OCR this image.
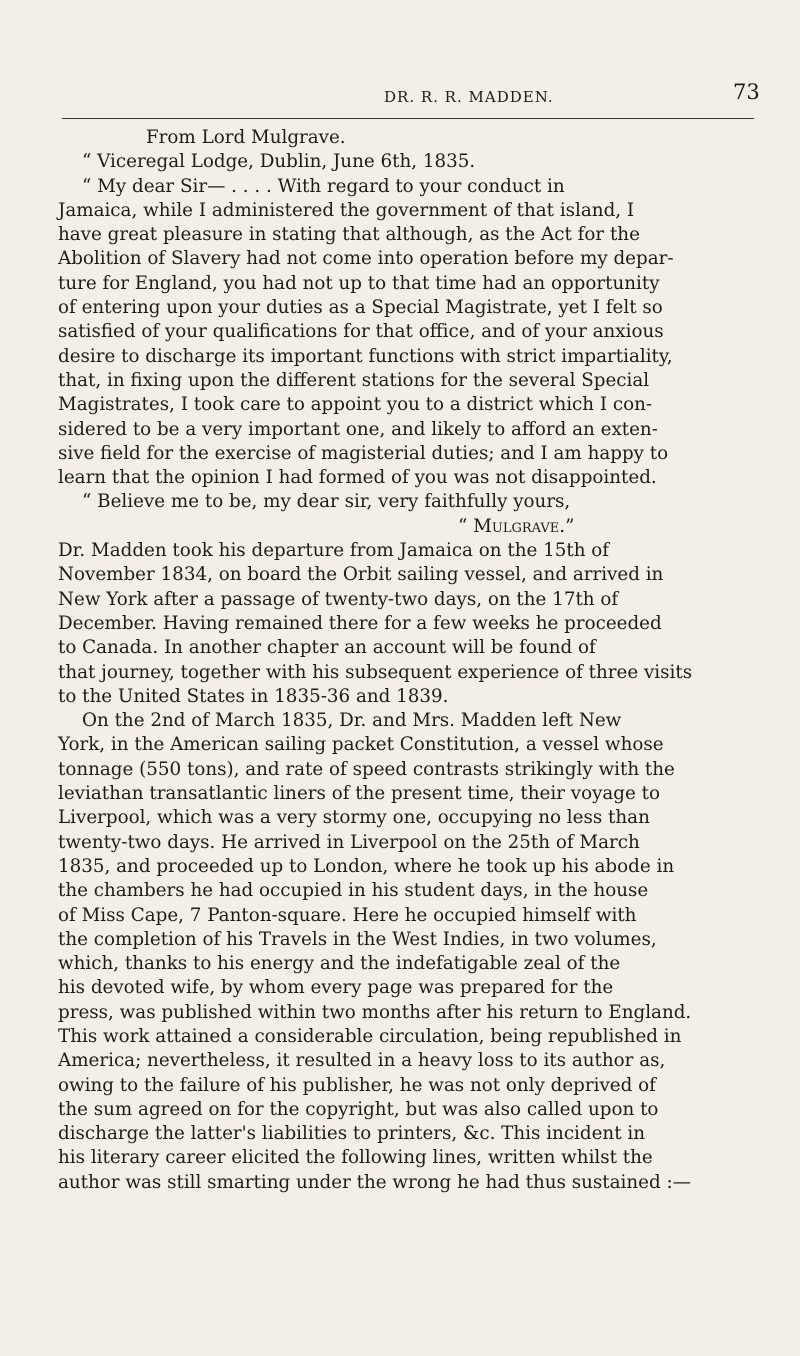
DR. R. R. MADDEN.	73
From Lord Mulgrave.
“ Viceregal Lodge, Dublin, June 6th, 1835.
“ My dear Sir— . . . . With regard to your conduct in
Jamaica, while I administered the government of that island, I
have great pleasure in stating that although, as the Act for the
Abolition of Slavery had not come into operation before my depar-
ture for England, you had not up to that time had an opportunity
of entering upon your duties as a Special Magistrate, yet I felt so
satisfied of your qualifications for that office, and of your anxious
desire to discharge its important functions with strict impartiality,
that, in fixing upon the different stations for the several Special
Magistrates, I took care to appoint you to a district which I con-
sidered to be a very important one, and likely to afford an exten-
sive field for the exercise of magisterial duties; and I am happy to
learn that the opinion I had formed of you was not disappointed.
“ Believe me to be, my dear sir, very faithfully yours,
“ Mulgrave.”
Dr. Madden took his departure from Jamaica on the 15th of
November 1834, on board the Orbit sailing vessel, and arrived in
New York after a passage of twenty-two days, on the 17th of
December. Having remained there for a few weeks he proceeded
to Canada. In another chapter an account will be found of
that journey, together with his subsequent experience of three visits
to the United States in 1835-36 and 1839.
On the 2nd of March 1835, Dr. and Mrs. Madden left New
York, in the American sailing packet Constitution, a vessel whose
tonnage (550 tons), and rate of speed contrasts strikingly with the
leviathan transatlantic liners of the present time, their voyage to
Liverpool, which was a very stormy one, occupying no less than
twenty-two days. He arrived in Liverpool on the 25th of March
1835, and proceeded up to London, where he took up his abode in
the chambers he had occupied in his student days, in the house
of Miss Cape, 7 Panton-square. Here he occupied himself with
the completion of his Travels in the West Indies, in two volumes,
which, thanks to his energy and the indefatigable zeal of the
his devoted wife, by whom every page was prepared for the
press, was published within two months after his return to England.
This work attained a considerable circulation, being republished in
America; nevertheless, it resulted in a heavy loss to its author as,
owing to the failure of his publisher, he was not only deprived of
the sum agreed on for the copyright, but was also called upon to
discharge the latter's liabilities to printers, &c. This incident in
his literary career elicited the following lines, written whilst the
author was still smarting under the wrong he had thus sustained :—
